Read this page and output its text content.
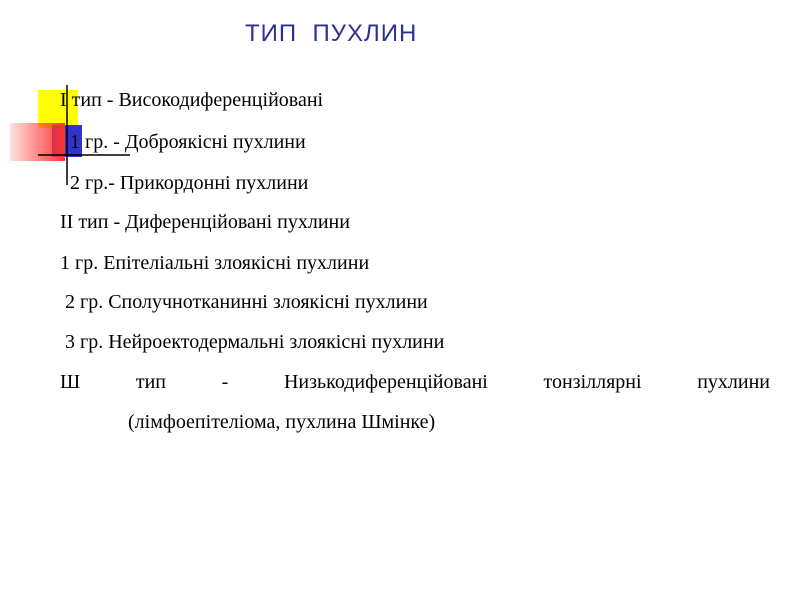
ТИП  ПУХЛИН
I тип - Високодиференційовані
1 гр. - Доброякісні пухлини
2 гр.- Прикордонні пухлини
II тип - Диференційовані пухлини
1 гр. Епітеліальні злоякісні пухлини
2 гр. Сполучнотканинні злоякісні пухлини
3 гр. Нейроектодермальні злоякісні пухлини
Ш тип - Низькодиференційовані тонзіллярні пухлини
(лімфоепітеліома, пухлина Шмінке)
